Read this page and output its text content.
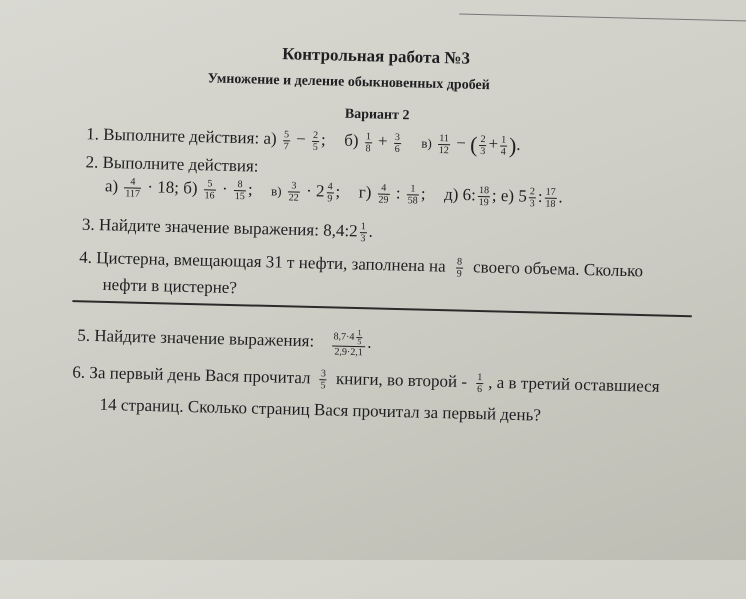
Контрольная работа №3
Умножение и деление обыкновенных дробей
Вариант 2
1. Выполните действия: $а) \frac{5}{7} - \frac{2}{5}$ ; $б) \frac{1}{8} + \frac{3}{6} в) \frac{11}{12}$ − ( $\frac{2}{3} + \frac{1}{4}$ ).
2. Выполните действия:
$а) \frac{4}{117} \cdot 18$; $б) \frac{5}{16} \cdot \frac{8}{15}$ ; $в) \frac{3}{22} \cdot 2 \frac{4}{9}$ ; $г) \frac{4}{29}$ : $\frac{1}{58}$ ; д) 6: $\frac{18}{19}$ ; е) $5 \frac{2}{3}$ : $\frac{17}{18}$ .
3. Найдите значение выражения: 8,4:2 $\frac{1}{3}$ .
4. Цистерна, вмещающая 31 т нефти, заполнена на $\frac{8}{9}$ своего объема. Сколько
нефти в цистерне?
5. Найдите значение выражения: $\frac{8,7\cdot 4 \frac{1}{5}}{2,9\cdot 2,1}$ .
6. За первый день Вася прочитал $\frac{3}{5}$ книги, во второй - $\frac{1}{6}$ , а в третий оставшиеся
14 страниц. Сколько страниц Вася прочитал за первый день?
